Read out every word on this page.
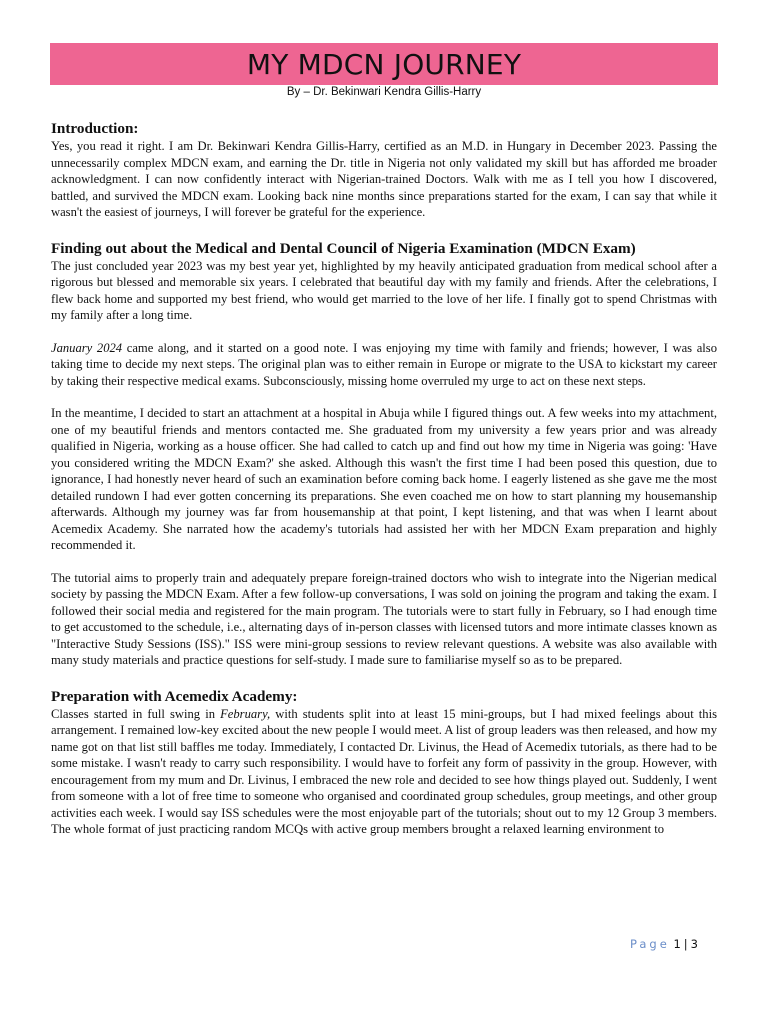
MY MDCN JOURNEY
By – Dr. Bekinwari Kendra Gillis-Harry
Introduction:

Yes, you read it right. I am Dr. Bekinwari Kendra Gillis-Harry, certified as an M.D. in Hungary in December 2023. Passing the unnecessarily complex MDCN exam, and earning the Dr. title in Nigeria not only validated my skill but has afforded me broader acknowledgment. I can now confidently interact with Nigerian-trained Doctors. Walk with me as I tell you how I discovered, battled, and survived the MDCN exam. Looking back nine months since preparations started for the exam, I can say that while it wasn't the easiest of journeys, I will forever be grateful for the experience.

Finding out about the Medical and Dental Council of Nigeria Examination (MDCN Exam)

The just concluded year 2023 was my best year yet, highlighted by my heavily anticipated graduation from medical school after a rigorous but blessed and memorable six years. I celebrated that beautiful day with my family and friends. After the celebrations, I flew back home and supported my best friend, who would get married to the love of her life. I finally got to spend Christmas with my family after a long time.

January 2024 came along, and it started on a good note. I was enjoying my time with family and friends; however, I was also taking time to decide my next steps. The original plan was to either remain in Europe or migrate to the USA to kickstart my career by taking their respective medical exams. Subconsciously, missing home overruled my urge to act on these next steps.

In the meantime, I decided to start an attachment at a hospital in Abuja while I figured things out. A few weeks into my attachment, one of my beautiful friends and mentors contacted me. She graduated from my university a few years prior and was already qualified in Nigeria, working as a house officer. She had called to catch up and find out how my time in Nigeria was going: 'Have you considered writing the MDCN Exam?' she asked. Although this wasn't the first time I had been posed this question, due to ignorance, I had honestly never heard of such an examination before coming back home. I eagerly listened as she gave me the most detailed rundown I had ever gotten concerning its preparations. She even coached me on how to start planning my housemanship afterwards. Although my journey was far from housemanship at that point, I kept listening, and that was when I learnt about Acemedix Academy. She narrated how the academy's tutorials had assisted her with her MDCN Exam preparation and highly recommended it.

The tutorial aims to properly train and adequately prepare foreign-trained doctors who wish to integrate into the Nigerian medical society by passing the MDCN Exam. After a few follow-up conversations, I was sold on joining the program and taking the exam. I followed their social media and registered for the main program. The tutorials were to start fully in February, so I had enough time to get accustomed to the schedule, i.e., alternating days of in-person classes with licensed tutors and more intimate classes known as "Interactive Study Sessions (ISS)." ISS were mini-group sessions to review relevant questions. A website was also available with many study materials and practice questions for self-study. I made sure to familiarise myself so as to be prepared.

Preparation with Acemedix Academy:

Classes started in full swing in February, with students split into at least 15 mini-groups, but I had mixed feelings about this arrangement. I remained low-key excited about the new people I would meet. A list of group leaders was then released, and how my name got on that list still baffles me today. Immediately, I contacted Dr. Livinus, the Head of Acemedix tutorials, as there had to be some mistake. I wasn't ready to carry such responsibility. I would have to forfeit any form of passivity in the group. However, with encouragement from my mum and Dr. Livinus, I embraced the new role and decided to see how things played out. Suddenly, I went from someone with a lot of free time to someone who organised and coordinated group schedules, group meetings, and other group activities each week. I would say ISS schedules were the most enjoyable part of the tutorials; shout out to my 12 Group 3 members. The whole format of just practicing random MCQs with active group members brought a relaxed learning environment to

Page 1 | 3
